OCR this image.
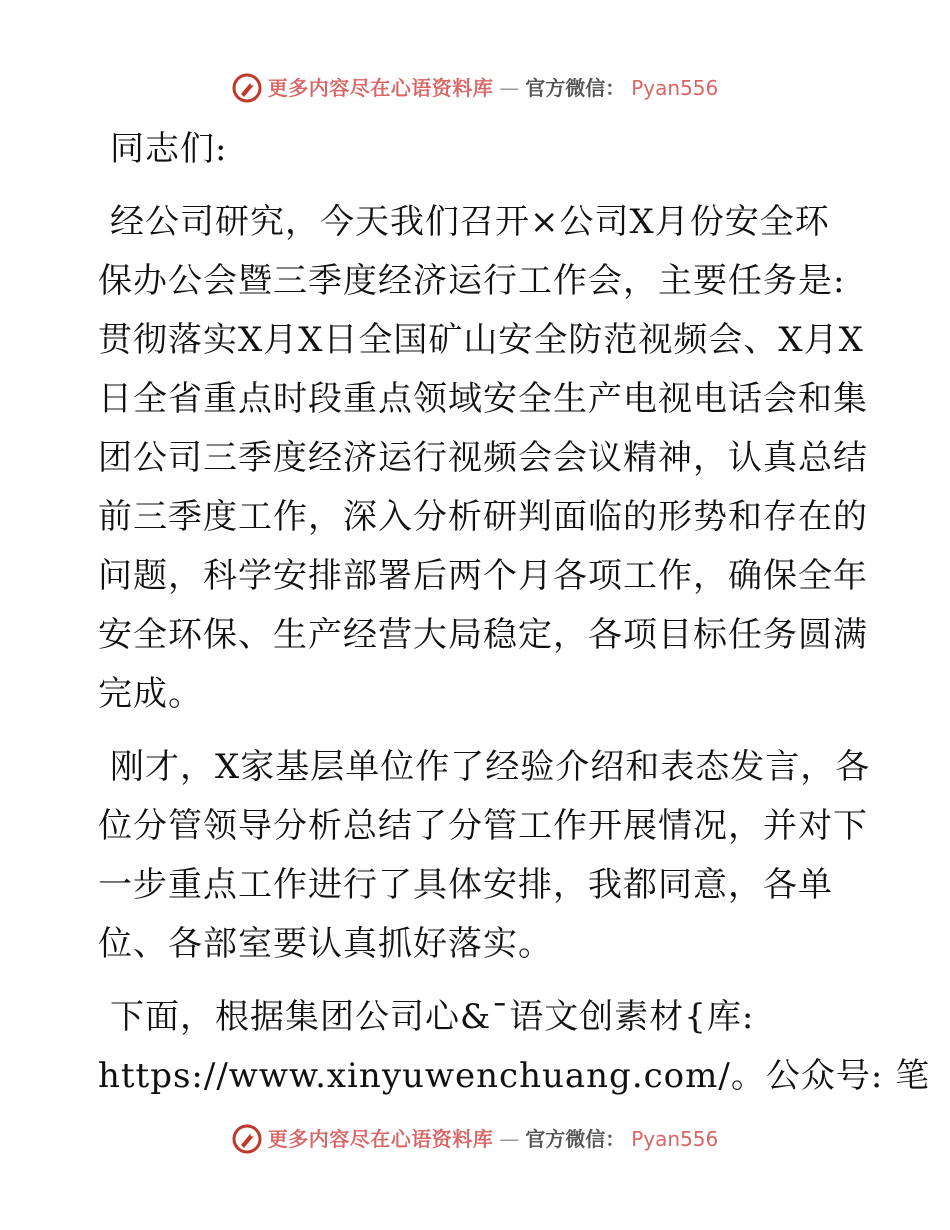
更多内容尽在心语资料库 — 官方微信： Pyan556

同志们:

经公司研究，今天我们召开×公司X月份安全环

保办公会暨三季度经济运行工作会，主要任务是:

贯彻落实X月X日全国矿山安全防范视频会、X月X

日全省重点时段重点领域安全生产电视电话会和集

团公司三季度经济运行视频会会议精神，认真总结

前三季度工作，深入分析研判面临的形势和存在的

问题，科学安排部署后两个月各项工作，确保全年

安全环保、生产经营大局稳定，各项目标任务圆满

完成。

刚才，X家基层单位作了经验介绍和表态发言，各

位分管领导分析总结了分管工作开展情况，并对下

一步重点工作进行了具体安排，我都同意，各单

位、各部室要认真抓好落实。

下面，根据集团公司心&¯语文创素材{库:

https://www.xinyuwenchuang.com/。公众号: 笔

更多内容尽在心语资料库 — 官方微信： Pyan556
